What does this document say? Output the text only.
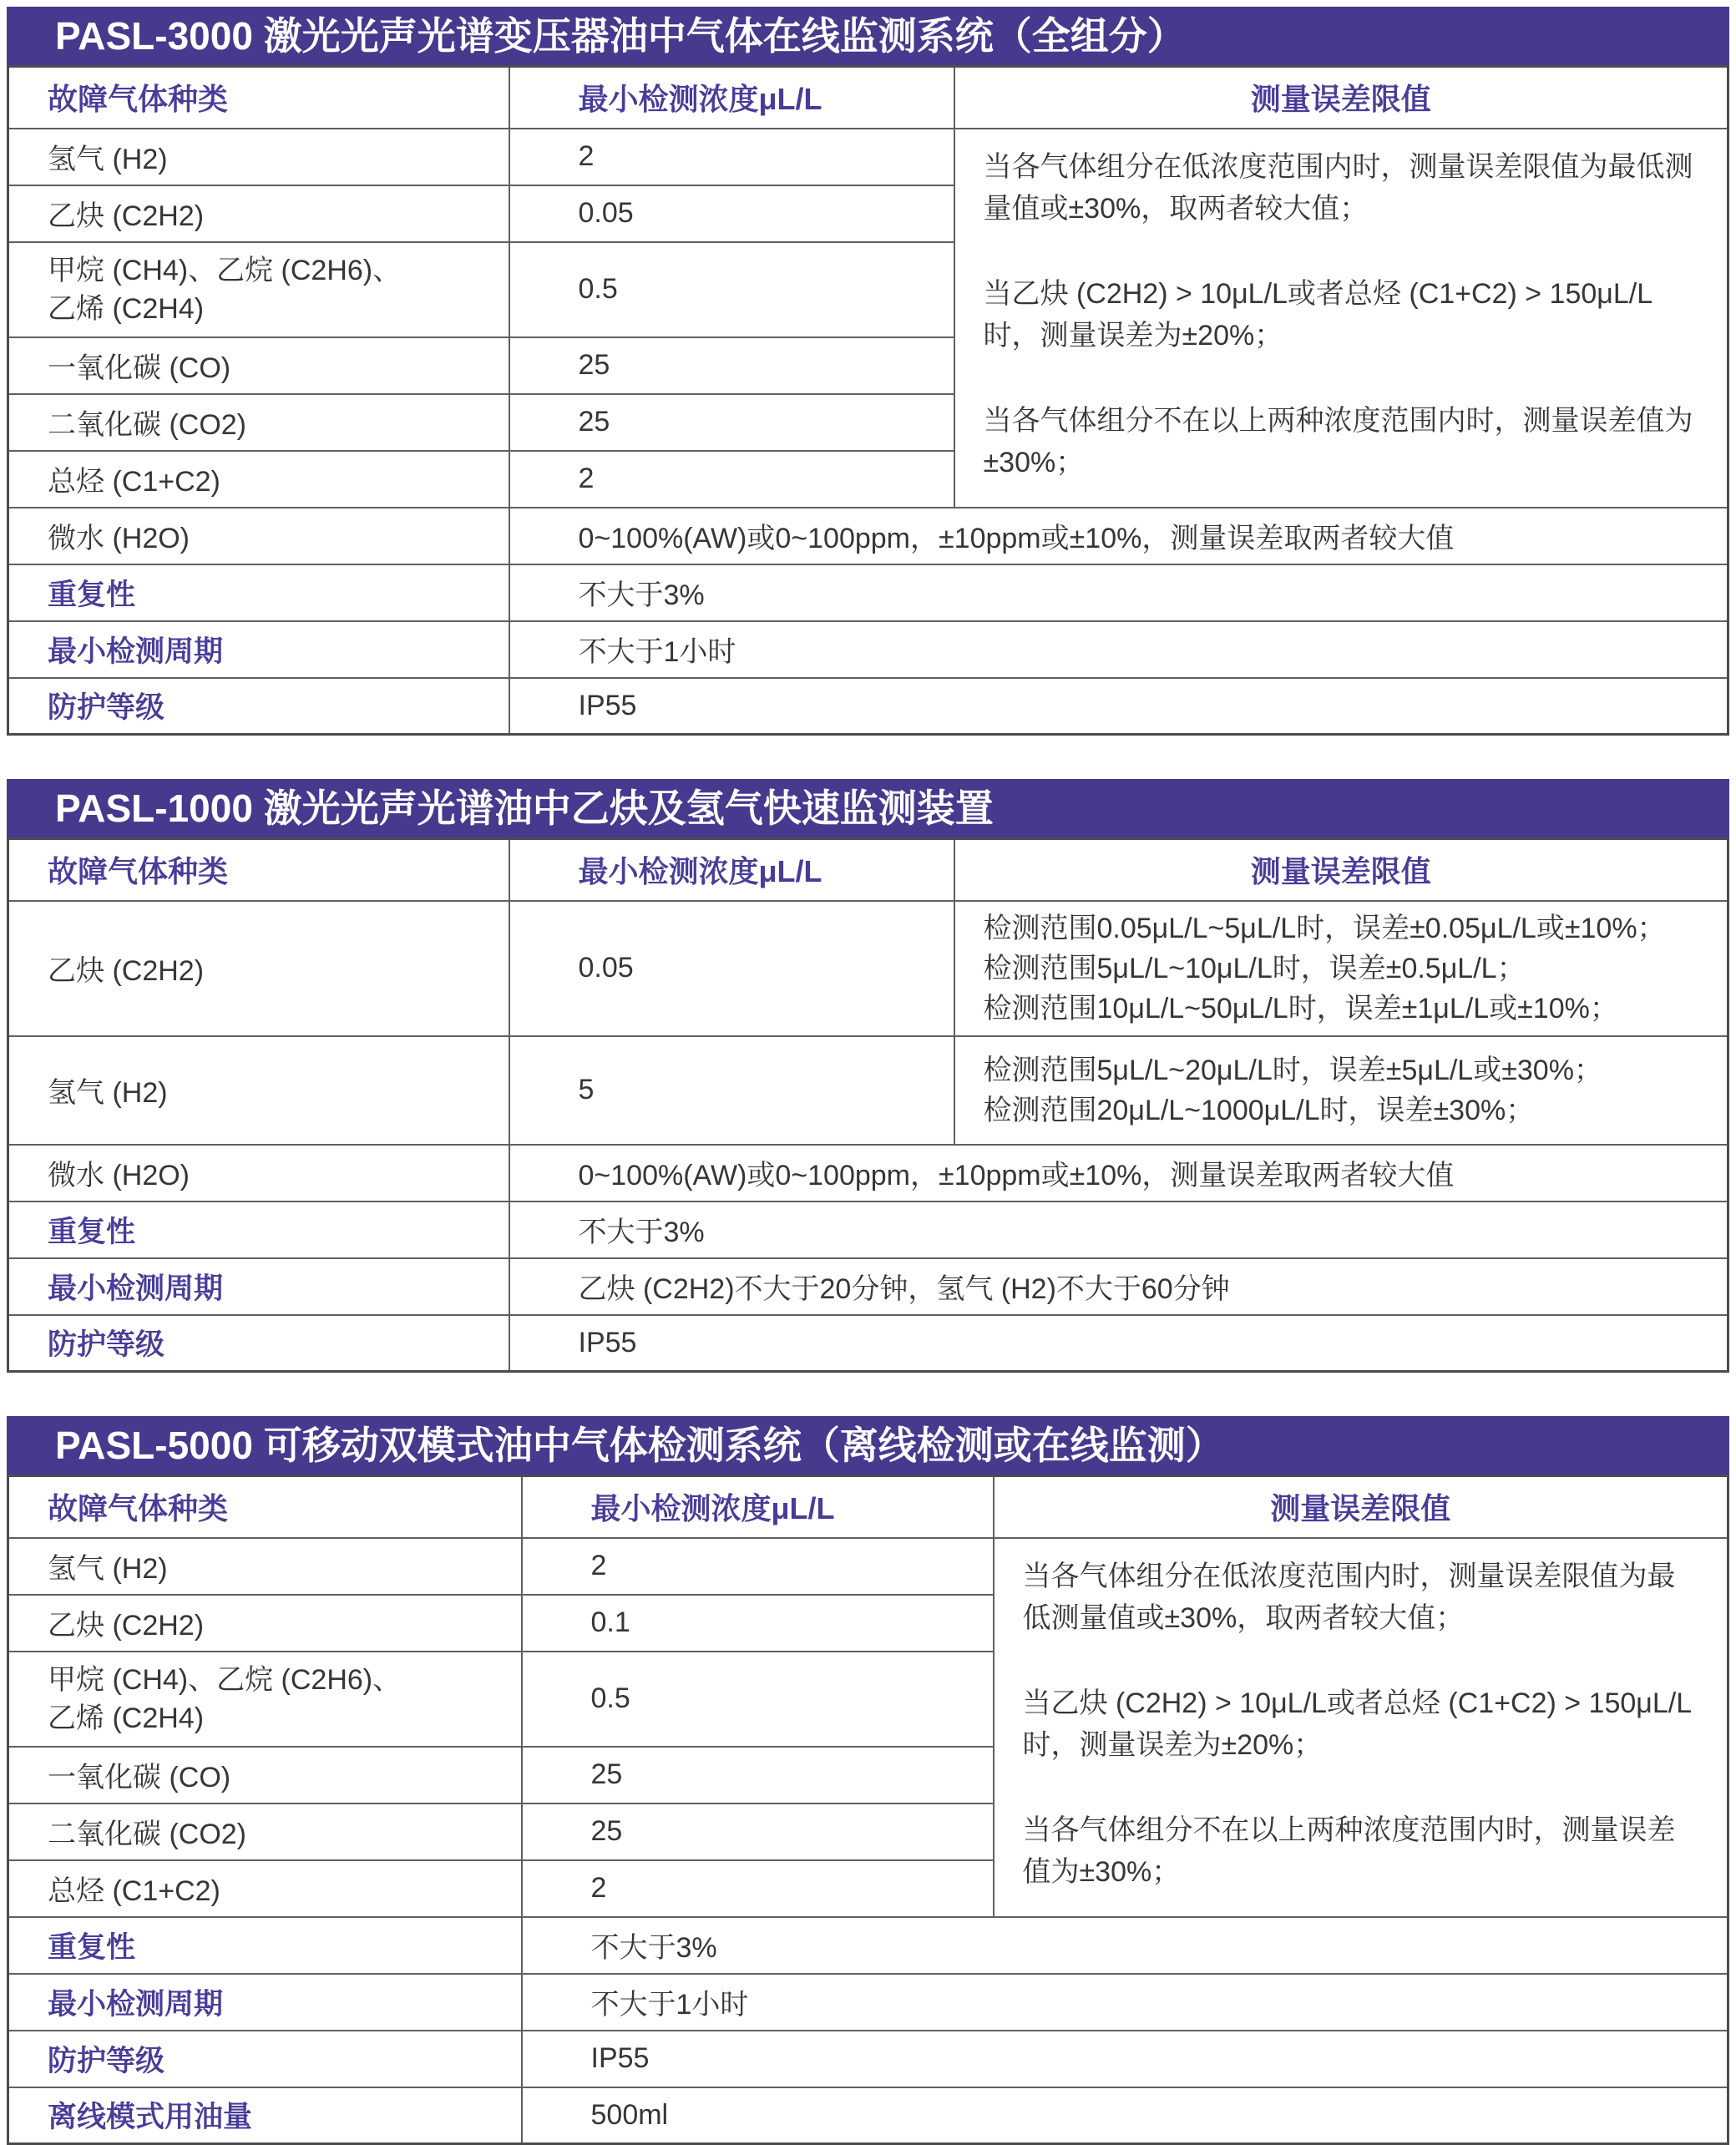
PASL-3000 激光光声光谱变压器油中气体在线监测系统（全组分）
故障气体种类	最小检测浓度μL/L	测量误差限值
氢气 (H2)	2	当各气体组分在低浓度范围内时，测量误差限值为最低测量值或±30%，取两者较大值；
当乙炔 (C2H2) > 10μL/L或者总烃 (C1+C2) > 150μL/L时，测量误差为±20%；
当各气体组分不在以上两种浓度范围内时，测量误差值为±30%；

乙炔 (C2H2)	0.05	

甲烷 (CH4)、乙烷 (C2H6)、
乙烯 (C2H4)	0.5	
一氧化碳 (CO)	25	
二氧化碳 (CO2)	25	
总烃 (C1+C2)	2	
微水 (H2O)	0~100%(AW)或0~100ppm，±10ppm或±10%，测量误差取两者较大值	
重复性	不大于3%	
最小检测周期	不大于1小时	
防护等级	IP55	
PASL-1000 激光光声光谱油中乙炔及氢气快速监测装置
故障气体种类	最小检测浓度μL/L	测量误差限值
乙炔 (C2H2)	0.05	检测范围0.05μL/L~5μL/L时，误差±0.05μL/L或±10%；
检测范围5μL/L~10μL/L时，误差±0.5μL/L；
检测范围10μL/L~50μL/L时，误差±1μL/L或±10%；

氢气 (H2)	5	检测范围5μL/L~20μL/L时，误差±5μL/L或±30%；
检测范围20μL/L~1000μL/L时，误差±30%；

微水 (H2O)	0~100%(AW)或0~100ppm，±10ppm或±10%，测量误差取两者较大值	
重复性	不大于3%	
最小检测周期	乙炔 (C2H2)不大于20分钟，氢气 (H2)不大于60分钟	
防护等级	IP55	
PASL-5000 可移动双模式油中气体检测系统（离线检测或在线监测）
故障气体种类	最小检测浓度μL/L	测量误差限值
氢气 (H2)	2	当各气体组分在低浓度范围内时，测量误差限值为最低测量值或±30%，取两者较大值；
当乙炔 (C2H2) > 10μL/L或者总烃 (C1+C2) > 150μL/L时，测量误差为±20%；
当各气体组分不在以上两种浓度范围内时，测量误差值为±30%；

乙炔 (C2H2)	0.1	

甲烷 (CH4)、乙烷 (C2H6)、
乙烯 (C2H4)	0.5	
一氧化碳 (CO)	25	
二氧化碳 (CO2)	25	
总烃 (C1+C2)	2	
重复性	不大于3%	
最小检测周期	不大于1小时	
防护等级	IP55	
离线模式用油量	500ml	
